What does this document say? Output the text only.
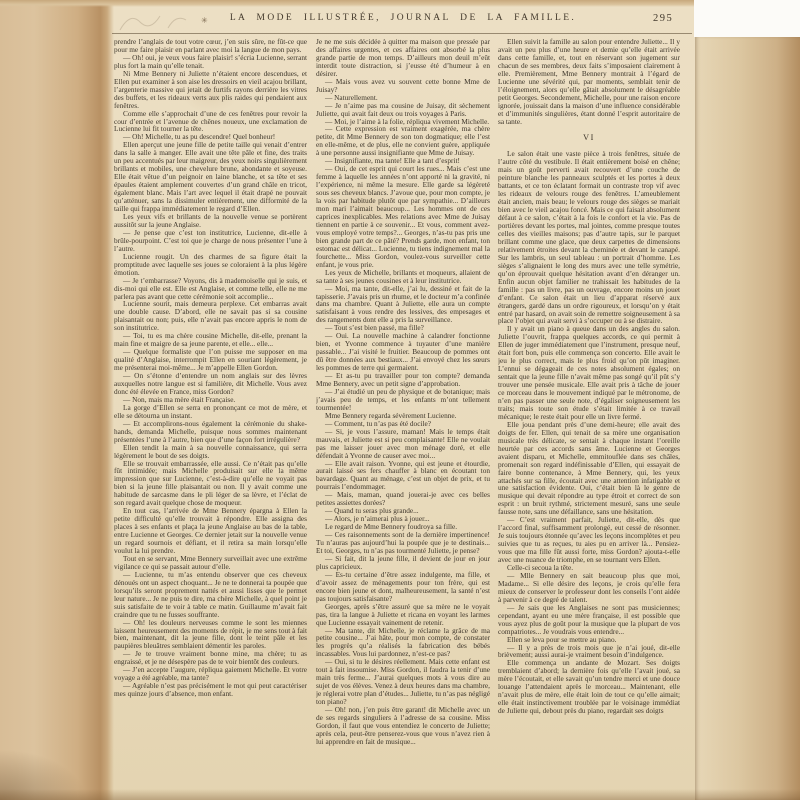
✳	LA MODE ILLUSTRÉE, JOURNAL DE LA FAMILLE.	295

prendre l’anglais de tout votre cœur, j’en suis sûre, ne fût-ce que pour me faire plaisir en parlant avec moi la langue de mon pays.

— Oh! oui, je veux vous faire plaisir! s’écria Lucienne, serrant plus fort la main qu’elle tenait.

Ni Mme Bennery ni Juliette n’étaient encore descendues, et Ellen put examiner à son aise les dressoirs en vieil acajou brillant, l’argenterie massive qui jetait de furtifs rayons derrière les vitres des buffets, et les rideaux verts aux plis raides qui pendaient aux fenêtres.

Comme elle s’approchait d’une de ces fenêtres pour revoir la cour d’entrée et l’avenue de chênes noueux, une exclamation de Lucienne lui fit tourner la tête.

— Oh! Michelle, tu as pu descendre! Quel bonheur!

Ellen aperçut une jeune fille de petite taille qui venait d’entrer dans la salle à manger. Elle avait une tête pâle et fine, des traits un peu accentués par leur maigreur, des yeux noirs singulièrement brillants et mobiles, une chevelure brune, abondante et soyeuse. Elle était vêtue d’un peignoir en laine blanche, et sa tête et ses épaules étaient amplement couvertes d’un grand châle en tricot, également blanc. Mais l’art avec lequel il était drapé ne pouvait qu’atténuer, sans la dissimuler entièrement, une difformité de la taille qui frappa immédiatement le regard d’Ellen.

Les yeux vifs et brillants de la nouvelle venue se portèrent aussitôt sur la jeune Anglaise.

— Je pense que c’est ton institutrice, Lucienne, dit-elle à brûle-pourpoint. C’est toi que je charge de nous présenter l’une à l’autre.

Lucienne rougit. Un des charmes de sa figure était la promptitude avec laquelle ses joues se coloraient à la plus légère émotion.

— Je t’embarrasse? Voyons, dis à mademoiselle qui je suis, et dis-moi qui elle est. Elle est Anglaise, et comme telle, elle ne me parlera pas avant que cette cérémonie soit accomplie...

Lucienne sourit, mais demeura perplexe. Cet embarras avait une double cause. D’abord, elle ne savait pas si sa cousine plaisantait ou non; puis, elle n’avait pas encore appris le nom de son institutrice.

— Toi, tu es ma chère cousine Michelle, dit-elle, prenant la main fine et maigre de sa jeune parente, et elle... elle...

— Quelque formaliste que l’on puisse me supposer en ma qualité d’Anglaise, interrompit Ellen en souriant légèrement, je me présenterai moi-même... Je m’appelle Ellen Gordon.

— On s’étonne d’entendre un nom anglais sur des lèvres auxquelles notre langue est si familière, dit Michelle. Vous avez donc été élevée en France, miss Gordon?

— Non, mais ma mère était Française.

La gorge d’Ellen se serra en prononçant ce mot de mère, et elle se détourna un instant.

— Et accomplirons-nous également la cérémonie du shake-hands, demanda Michelle, puisque nous sommes maintenant présentées l’une à l’autre, bien que d’une façon fort irrégulière?

Ellen tendit la main à sa nouvelle connaissance, qui serra légèrement le bout de ses doigts.

Elle se trouvait embarrassée, elle aussi. Ce n’était pas qu’elle fût intimidée; mais Michelle produisait sur elle la même impression que sur Lucienne, c’est-à-dire qu’elle ne voyait pas bien si la jeune fille plaisantait ou non. Il y avait comme une habitude de sarcasme dans le pli léger de sa lèvre, et l’éclat de son regard avait quelque chose de moqueur.

En tout cas, l’arrivée de Mme Bennery épargna à Ellen la petite difficulté qu’elle trouvait à répondre. Elle assigna des places à ses enfants et plaça la jeune Anglaise au bas de la table, entre Lucienne et Georges. Ce dernier jetait sur la nouvelle venue un regard sournois et défiant, et il retira sa main lorsqu’elle voulut la lui prendre.

Tout en se servant, Mme Bennery surveillait avec une extrême vigilance ce qui se passait autour d’elle.

— Lucienne, tu m’as entendu observer que ces cheveux dénoués ont un aspect choquant... Je ne te donnerai ta poupée que lorsqu’ils seront proprement nattés et aussi lisses que le permet leur nature... Je ne puis te dire, ma chère Michelle, à quel point je suis satisfaite de te voir à table ce matin. Guillaume m’avait fait craindre que tu ne fusses souffrante.

— Oh! les douleurs nerveuses comme le sont les miennes laissent heureusement des moments de répit, je me sens tout à fait bien, maintenant, dit la jeune fille, dont le teint pâle et les paupières bleuâtres semblaient démentir les paroles.

— Je te trouve vraiment bonne mine, ma chère; tu as engraissé, et je ne désespère pas de te voir bientôt des couleurs.

— J’en accepte l’augure, répliqua gaiement Michelle. Et votre voyage a été agréable, ma tante?

— Agréable n’est pas précisément le mot qui peut caractériser mes quinze jours d’absence, mon enfant.

Je ne me suis décidée à quitter ma maison que pressée par des affaires urgentes, et ces affaires ont absorbé la plus grande partie de mon temps. D’ailleurs mon deuil m’eût interdit toute distraction, si j’eusse été d’humeur à en désirer.

— Mais vous avez vu souvent cette bonne Mme de Juisay?

— Naturellement.

— Je n’aime pas ma cousine de Juisay, dit sèchement Juliette, qui avait fait deux ou trois voyages à Paris.

— Moi, je l’aime à la folie, répliqua vivement Michelle.

— Cette expression est vraiment exagérée, ma chère petite, dit Mme Bennery de son ton dogmatique; elle l’est en elle-même, et de plus, elle ne convient guère, appliquée à une personne aussi insignifiante que Mme de Juisay.

— Insignifiante, ma tante! Elle a tant d’esprit!

— Oui, de cet esprit qui court les rues... Mais c’est une femme à laquelle les années n’ont apporté ni la gravité, ni l’expérience, ni même la mesure. Elle garde sa légèreté sous ses cheveux blancs. J’avoue que, pour mon compte, je la vois par habitude plutôt que par sympathie... D’ailleurs mon mari l’aimait beaucoup... Les hommes ont de ces caprices inexplicables. Mes relations avec Mme de Juisay tiennent en partie à ce souvenir... Et vous, comment avez-vous employé votre temps?... Georges, n’as-tu pas pris une bien grande part de ce pâté? Prends garde, mon enfant, ton estomac est délicat... Lucienne, tu tiens indignement mal la fourchette... Miss Gordon, voulez-vous surveiller cette enfant, je vous prie.

Les yeux de Michelle, brillants et moqueurs, allaient de sa tante à ses jeunes cousines et à leur institutrice.

— Moi, ma tante, dit-elle, j’ai lu, dessiné et fait de la tapisserie. J’avais pris un rhume, et le docteur m’a confinée dans ma chambre. Quant à Juliette, elle aura un compte satisfaisant à vous rendre des lessives, des empesages et des rangements dont elle a pris la surveillance.

— Tout s’est bien passé, ma fille?

— Oui. La nouvelle machine à calandrer fonctionne bien, et Yvonne commence à tuyauter d’une manière passable... J’ai visité le fruitier. Beaucoup de pommes ont dû être données aux bestiaux... J’ai envoyé chez les sœurs les pommes de terre qui germaient.

— Et as-tu pu travailler pour ton compte? demanda Mme Bennery, avec un petit signe d’approbation.

— J’ai étudié un peu de physique et de botanique; mais j’avais peu de temps, et les enfants m’ont tellement tourmentée!

Mme Bennery regarda sévèrement Lucienne.

— Comment, tu n’as pas été docile?

— Si, je vous l’assure, maman! Mais le temps était mauvais, et Juliette est si peu complaisante! Elle ne voulait pas me laisser jouer avec mon ménage doré, et elle défendait à Yvonne de causer avec moi...

— Elle avait raison. Yvonne, qui est jeune et étourdie, aurait laissé ses fers chauffer à blanc en écoutant ton bavardage. Quant au ménage, c’est un objet de prix, et tu pourrais l’endommager.

— Mais, maman, quand jouerai-je avec ces belles petites assiettes dorées?

— Quand tu seras plus grande...

— Alors, je n’aimerai plus à jouer...

Le regard de Mme Bennery foudroya sa fille.

— Ces raisonnements sont de la dernière impertinence! Tu n’auras pas aujourd’hui la poupée que je te destinais... Et toi, Georges, tu n’as pas tourmenté Juliette, je pense?

— Si fait, dit la jeune fille, il devient de jour en jour plus capricieux.

— Es-tu certaine d’être assez indulgente, ma fille, et d’avoir assez de ménagements pour ton frère, qui est encore bien jeune et dont, malheureusement, la santé n’est pas toujours satisfaisante?

Georges, après s’être assuré que sa mère ne le voyait pas, tira la langue à Juliette et ricana en voyant les larmes que Lucienne essayait vainement de retenir.

— Ma tante, dit Michelle, je réclame la grâce de ma petite cousine... J’ai hâte, pour mon compte, de constater les progrès qu’a réalisés la fabrication des bébés incassables. Vous lui pardonnez, n’est-ce pas?

— Oui, si tu le désires réellement. Mais cette enfant est tout à fait insoumise. Miss Gordon, il faudra la tenir d’une main très ferme... J’aurai quelques mots à vous dire au sujet de vos élèves. Venez à deux heures dans ma chambre, je réglerai votre plan d’études... Juliette, tu n’as pas négligé ton piano?

— Oh! non, j’en puis être garant! dit Michelle avec un de ses regards singuliers à l’adresse de sa cousine. Miss Gordon, il faut que vous entendiez le concerto de Juliette; après cela, peut-être penserez-vous que vous n’avez rien à lui apprendre en fait de musique...

Ellen suivit la famille au salon pour entendre Juliette... Il y avait un peu plus d’une heure et demie qu’elle était arrivée dans cette famille, et, tout en réservant son jugement sur chacun de ses membres, deux faits s’imposaient clairement à elle. Premièrement, Mme Bennery montrait à l’égard de Lucienne une sévérité qui, par moments, semblait tenir de l’éloignement, alors qu’elle gâtait absolument le désagréable petit Georges. Secondement, Michelle, pour une raison encore ignorée, jouissait dans la maison d’une influence considérable et d’immunités singulières, étant donné l’esprit autoritaire de sa tante.

VI

Le salon était une vaste pièce à trois fenêtres, située de l’autre côté du vestibule. Il était entièrement boisé en chêne; mais un goût perverti avait recouvert d’une couche de peinture blanche les panneaux sculptés et les portes à deux battants, et ce ton éclatant formait un contraste trop vif avec les rideaux de velours rouge des fenêtres. L’ameublement était ancien, mais beau; le velours rouge des sièges se mariait bien avec le vieil acajou foncé. Mais ce qui faisait absolument défaut à ce salon, c’était à la fois le confort et la vie. Pas de portières devant les portes, mal jointes, comme presque toutes celles des vieilles maisons; pas d’autre tapis, sur le parquet brillant comme une glace, que deux carpettes de dimensions relativement étroites devant la cheminée et devant le canapé. Sur les lambris, un seul tableau : un portrait d’homme. Les sièges s’alignaient le long des murs avec une telle symétrie, qu’on éprouvait quelque hésitation avant d’en déranger un. Enfin aucun objet familier ne trahissait les habitudes de la famille : pas un livre, pas un ouvrage, encore moins un jouet d’enfant. Ce salon était un lieu d’apparat réservé aux étrangers, gardé dans un ordre rigoureux, et lorsqu’on y était entré par hasard, on avait soin de remettre soigneusement à sa place l’objet qui avait servi à s’occuper ou à se distraire.

Il y avait un piano à queue dans un des angles du salon. Juliette l’ouvrit, frappa quelques accords, ce qui permit à Ellen de juger immédiatement que l’instrument, presque neuf, était fort bon, puis elle commença son concerto. Elle avait le jeu le plus correct, mais le plus froid qu’on pût imaginer. L’ennui se dégageait de ces notes absolument égales; on sentait que la jeune fille n’avait même pas songé qu’il pût s’y trouver une pensée musicale. Elle avait pris à tâche de jouer ce morceau dans le mouvement indiqué par le métronome, de n’en pas passer une seule note, d’égaliser soigneusement les traits; mais toute son étude s’était limitée à ce travail mécanique; le reste était pour elle un livre fermé.

Elle joua pendant près d’une demi-heure; elle avait des doigts de fer. Ellen, qui tenait de sa mère une organisation musicale très délicate, se sentait à chaque instant l’oreille heurtée par ces accords sans âme. Lucienne et Georges avaient disparu, et Michelle, emmitouflée dans ses châles, promenait son regard indéfinissable d’Ellen, qui essayait de faire bonne contenance, à Mme Bennery, qui, les yeux attachés sur sa fille, écoutait avec une attention infatigable et une satisfaction évidente. Oui, c’était bien là le genre de musique qui devait répondre au type étroit et correct de son esprit : un bruit rythmé, strictement mesuré, sans une seule fausse note, sans une défaillance, sans une hésitation.

— C’est vraiment parfait, Juliette, dit-elle, dès que l’accord final, suffisamment prolongé, eut cessé de résonner. Je suis toujours étonnée qu’avec les leçons incomplètes et peu suivies que tu as reçues, tu aies pu en arriver là... Pensiez-vous que ma fille fût aussi forte, miss Gordon? ajouta-t-elle avec une nuance de triomphe, en se tournant vers Ellen.

Celle-ci secoua la tête.

— Mlle Bennery en sait beaucoup plus que moi, Madame... Si elle désire des leçons, je crois qu’elle fera mieux de conserver le professeur dont les conseils l’ont aidée à parvenir à ce degré de talent.

— Je sais que les Anglaises ne sont pas musiciennes; cependant, ayant eu une mère française, il est possible que vous ayez plus de goût pour la musique que la plupart de vos compatriotes... Je voudrais vous entendre...

Ellen se leva pour se mettre au piano.

— Il y a près de trois mois que je n’ai joué, dit-elle brièvement; aussi aurai-je vraiment besoin d’indulgence.

Elle commença un andante de Mozart. Ses doigts tremblaient d’abord; la dernière fois qu’elle l’avait joué, sa mère l’écoutait, et elle savait qu’un tendre merci et une douce louange l’attendaient après le morceau... Maintenant, elle n’avait plus de mère, elle était loin de tout ce qu’elle aimait; elle était instinctivement troublée par le voisinage immédiat de Juliette qui, debout près du piano, regardait ses doigts
